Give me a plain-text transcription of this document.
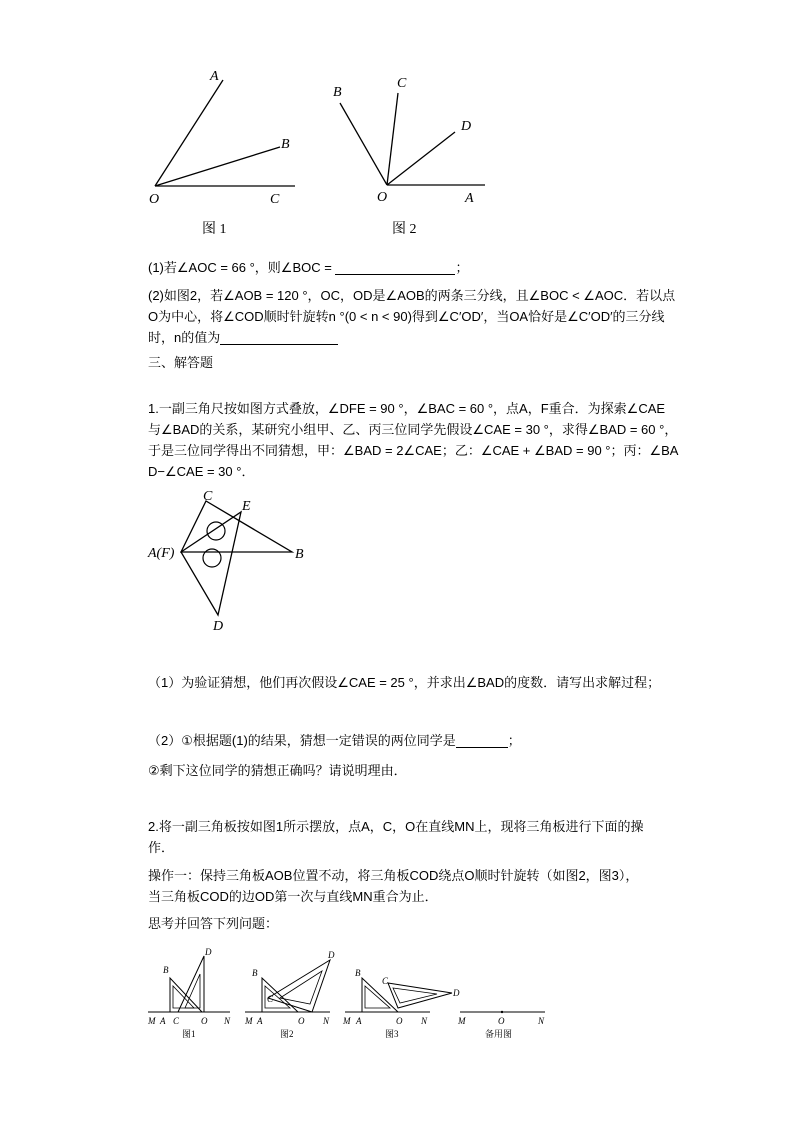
A
B
O	C
图 1
B
C
D
O	A
图 2
(1)若∠AOC = 66 °，则∠BOC =	；
(2)如图2，若∠AOB = 120 °，OC，OD是∠AOB的两条三分线，且∠BOC < ∠AOC．若以点
O为中心，将∠COD顺时针旋转n °(0 < n < 90)得到∠C′OD′，当OA恰好是∠C′OD′的三分线
时，n的值为
三、解答题
1.一副三角尺按如图方式叠放，∠DFE = 90 °，∠BAC = 60 °，点A，F重合．为探索∠CAE
与∠BAD的关系，某研究小组甲、乙、丙三位同学先假设∠CAE = 30 °，求得∠BAD = 60 °，
于是三位同学得出不同猜想，甲：∠BAD = 2∠CAE；乙：∠CAE + ∠BAD = 90 °；丙：∠BA
D−∠CAE = 30 °．
C
E
A(F)	B
D
（1）为验证猜想，他们再次假设∠CAE = 25 °，并求出∠BAD的度数．请写出求解过程；
（2）①根据题(1)的结果，猜想一定错误的两位同学是	；
②剩下这位同学的猜想正确吗？请说明理由．
2.将一副三角板按如图1所示摆放，点A，C，O在直线MN上，现将三角板进行下面的操
作．
操作一：保持三角板AOB位置不动，将三角板COD绕点O顺时针旋转（如图2，图3），
当三角板COD的边OD第一次与直线MN重合为止．
思考并回答下列问题：
B
D
M A C O N
图1
B
D
C
M A	O N
图2
B
C
D
M A	O N
图3
M	O	N
备用图
